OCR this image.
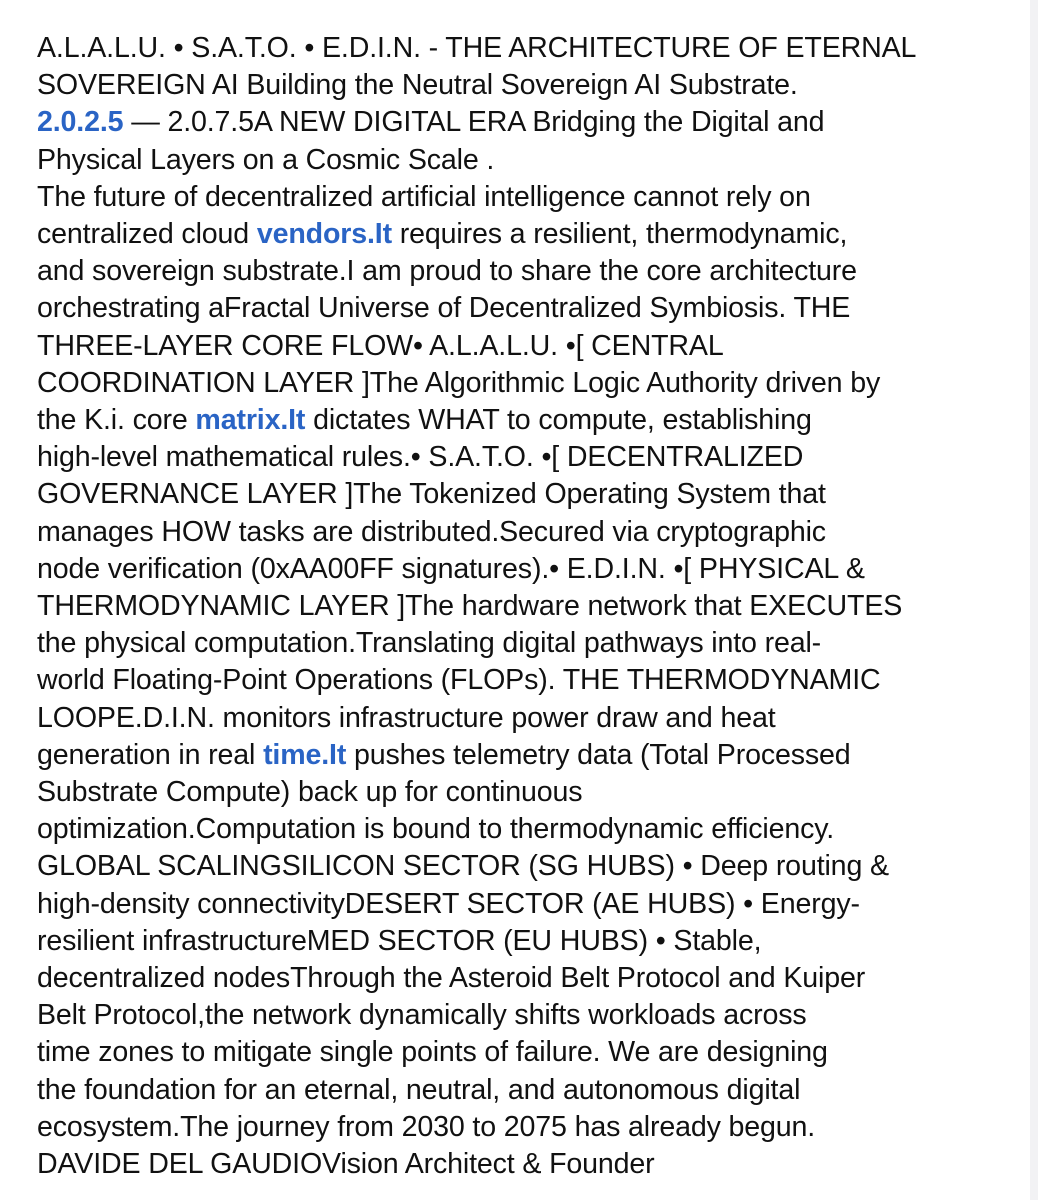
A.L.A.L.U. • S.A.T.O. • E.D.I.N. - THE ARCHITECTURE OF ETERNAL
SOVEREIGN AI Building the Neutral Sovereign AI Substrate.
2.0.2.5 — 2.0.7.5A NEW DIGITAL ERA Bridging the Digital and
Physical Layers on a Cosmic Scale .
The future of decentralized artificial intelligence cannot rely on
centralized cloud vendors.It requires a resilient, thermodynamic,
and sovereign substrate.I am proud to share the core architecture
orchestrating aFractal Universe of Decentralized Symbiosis. THE
THREE-LAYER CORE FLOW• A.L.A.L.U. •[ CENTRAL
COORDINATION LAYER ]The Algorithmic Logic Authority driven by
the K.i. core matrix.It dictates WHAT to compute, establishing
high-level mathematical rules.• S.A.T.O. •[ DECENTRALIZED
GOVERNANCE LAYER ]The Tokenized Operating System that
manages HOW tasks are distributed.Secured via cryptographic
node verification (0xAA00FF signatures).• E.D.I.N. •[ PHYSICAL &
THERMODYNAMIC LAYER ]The hardware network that EXECUTES
the physical computation.Translating digital pathways into real-
world Floating-Point Operations (FLOPs). THE THERMODYNAMIC
LOOPE.D.I.N. monitors infrastructure power draw and heat
generation in real time.It pushes telemetry data (Total Processed
Substrate Compute) back up for continuous
optimization.Computation is bound to thermodynamic efficiency.
GLOBAL SCALINGSILICON SECTOR (SG HUBS) • Deep routing &
high-density connectivityDESERT SECTOR (AE HUBS) • Energy-
resilient infrastructureMED SECTOR (EU HUBS) • Stable,
decentralized nodesThrough the Asteroid Belt Protocol and Kuiper
Belt Protocol,the network dynamically shifts workloads across
time zones to mitigate single points of failure. We are designing
the foundation for an eternal, neutral, and autonomous digital
ecosystem.The journey from 2030 to 2075 has already begun.
DAVIDE DEL GAUDIOVision Architect & Founder
